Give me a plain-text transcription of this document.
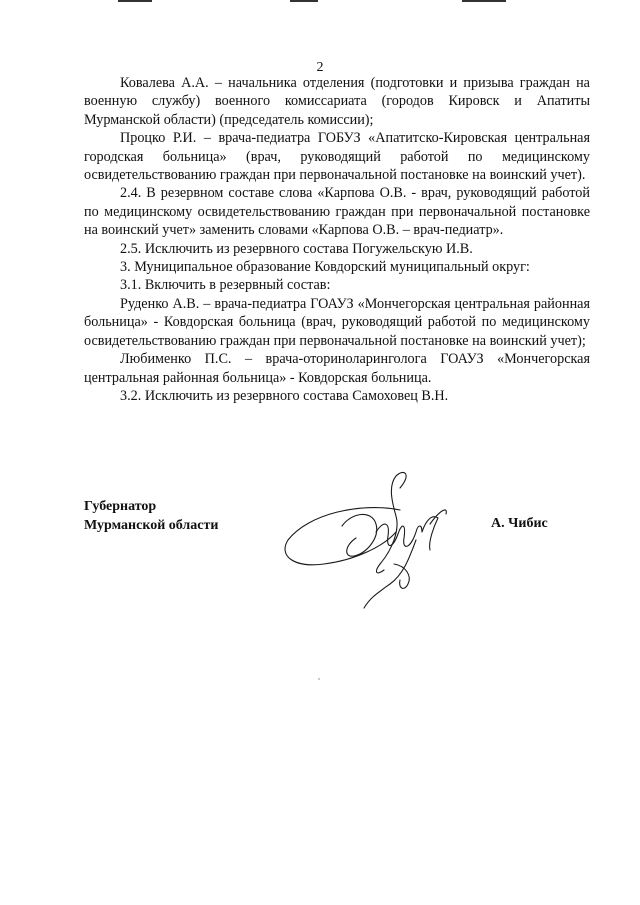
2

Ковалева А.А. – начальника отделения (подготовки и призыва граждан на военную службу) военного комиссариата (городов Кировск и Апатиты Мурманской области) (председатель комиссии);

Процко Р.И. – врача-педиатра ГОБУЗ «Апатитско-Кировская центральная городская больница» (врач, руководящий работой по медицинскому освидетельствованию граждан при первоначальной постановке на воинский учет).

2.4. В резервном составе слова «Карпова О.В. - врач, руководящий работой по медицинскому освидетельствованию граждан при первоначальной постановке на воинский учет» заменить словами «Карпова О.В. – врач-педиатр».

2.5. Исключить из резервного состава Погужельскую И.В.

3. Муниципальное образование Ковдорский муниципальный округ:

3.1. Включить в резервный состав:

Руденко А.В. – врача-педиатра ГОАУЗ «Мончегорская центральная районная больница» - Ковдорская больница (врач, руководящий работой по медицинскому освидетельствованию граждан при первоначальной постановке на воинский учет);

Любименко П.С. – врача-оториноларинголога ГОАУЗ «Мончегорская центральная районная больница» - Ковдорская больница.

3.2. Исключить из резервного состава Самоховец В.Н.

Губернатор
Мурманской области	А. Чибис
